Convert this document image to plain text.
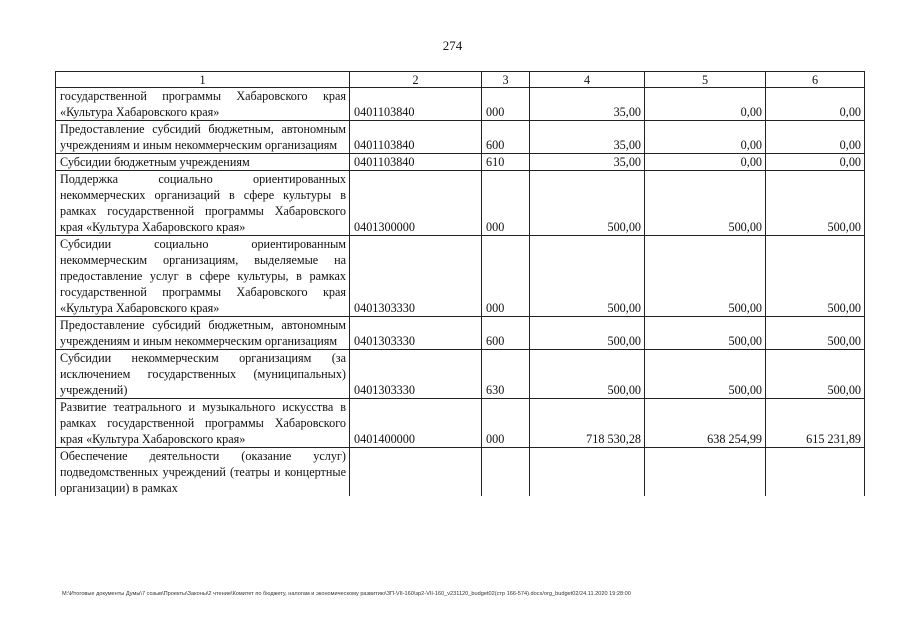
274
1	2	3	4	5	6
государственной программы Хабаровского края «Культура Хабаровского края»	0401103840	000	35,00	0,00	0,00
Предоставление субсидий бюджетным, автономным учреждениям и иным некоммерческим организациям	0401103840	600	35,00	0,00	0,00
Субсидии бюджетным учреждениям	0401103840	610	35,00	0,00	0,00
Поддержка социально ориентированных некоммерческих организаций в сфере культуры в рамках государственной программы Хабаровского края «Культура Хабаровского края»	0401300000	000	500,00	500,00	500,00
Субсидии социально ориентированным некоммерческим организациям, выделяемые на предоставление услуг в сфере культуры, в рамках государственной программы Хабаровского края «Культура Хабаровского края»	0401303330	000	500,00	500,00	500,00
Предоставление субсидий бюджетным, автономным учреждениям и иным некоммерческим организациям	0401303330	600	500,00	500,00	500,00
Субсидии некоммерческим организациям (за исключением государственных (муниципальных) учреждений)	0401303330	630	500,00	500,00	500,00
Развитие театрального и музыкального искусства в рамках государственной программы Хабаровского края «Культура Хабаровского края»	0401400000	000	718 530,28	638 254,99	615 231,89
Обеспечение деятельности (оказание услуг) подведомственных учреждений (театры и концертные организации) в рамках					
M:\Итоговые документы Думы\7 созыв\Проекты\Законы\2 чтение\Комитет по бюджету, налогам и экономическому развитию\ЗП-VII-160\зр2-VII-160_v231120_budget02(стр 166-574).docx/org_budget02/24.11.2020 19:28:00
